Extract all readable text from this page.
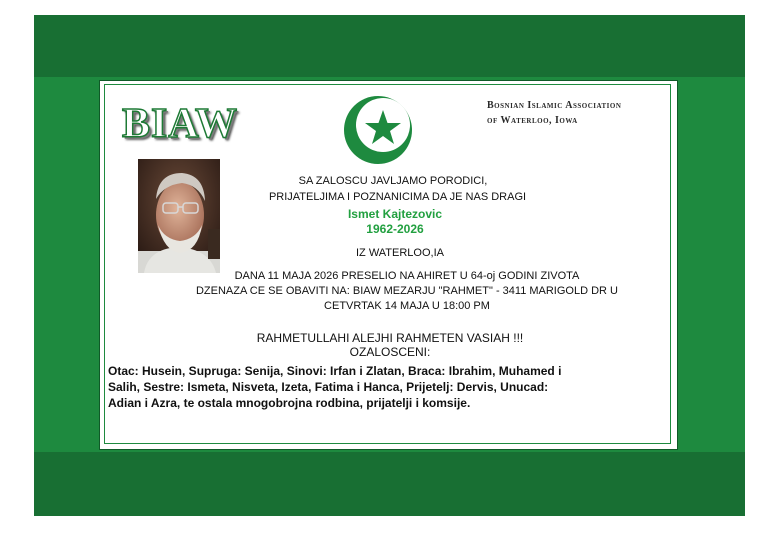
BIAW	Bosnian Islamic Association
of Waterloo, Iowa
SA ZALOSCU JAVLJAMO PORODICI,
PRIJATELJIMA I POZNANICIMA DA JE NAS DRAGI
Ismet Kajtezovic
1962-2026
IZ WATERLOO,IA
DANA 11 MAJA 2026 PRESELIO NA AHIRET U 64-oj GODINI ZIVOTA
DZENAZA CE SE OBAVITI NA: BIAW MEZARJU "RAHMET" - 3411 MARIGOLD DR U
CETVRTAK 14 MAJA U 18:00 PM
RAHMETULLAHI ALEJHI RAHMETEN VASIAH !!!
OZALOSCENI:
Otac: Husein, Supruga: Senija, Sinovi: Irfan i Zlatan, Braca: Ibrahim, Muhamed i
Salih, Sestre: Ismeta, Nisveta, Izeta, Fatima i Hanca, Prijetelj: Dervis, Unucad:
Adian i Azra, te ostala mnogobrojna rodbina, prijatelji i komsije.
